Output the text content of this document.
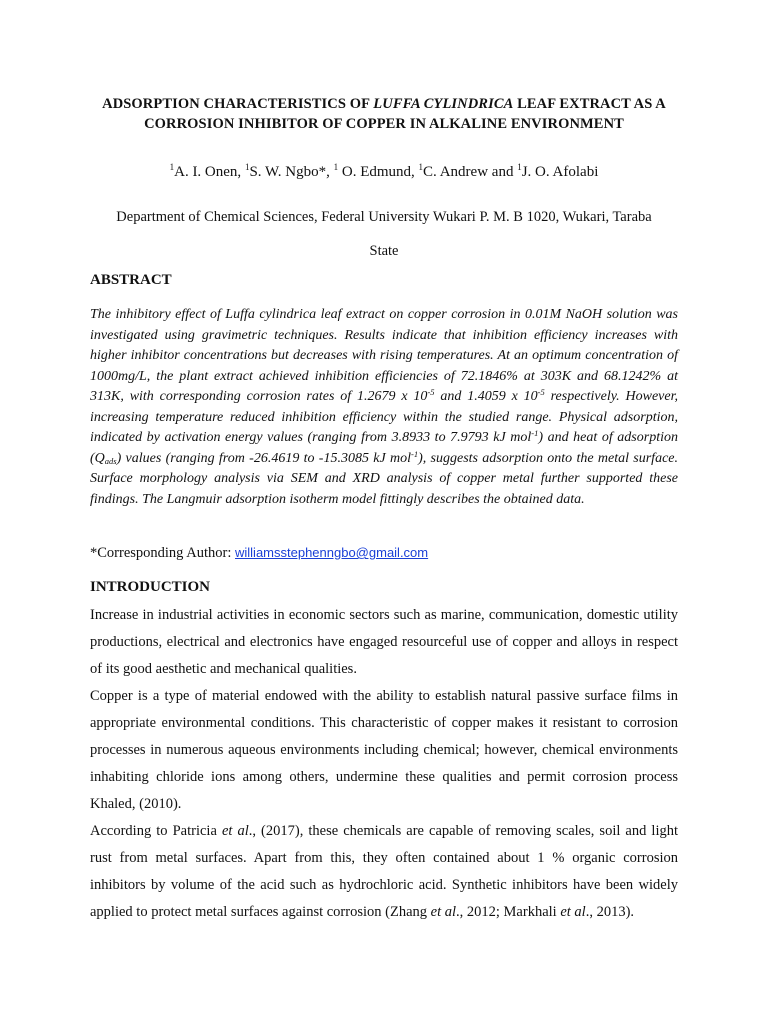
ADSORPTION CHARACTERISTICS OF LUFFA CYLINDRICA LEAF EXTRACT AS A
CORROSION INHIBITOR OF COPPER IN ALKALINE ENVIRONMENT
$^1$A. I. Onen, $^1$S. W. Ngbo*, $^1$ O. Edmund, $^1$C. Andrew and $^1$J. O. Afolabi
Department of Chemical Sciences, Federal University Wukari P. M. B 1020, Wukari, Taraba
State
ABSTRACT
The inhibitory effect of Luffa cylindrica leaf extract on copper corrosion in 0.01M NaOH solution was investigated using gravimetric techniques. Results indicate that inhibition efficiency increases with higher inhibitor concentrations but decreases with rising temperatures. At an optimum concentration of 1000mg/L, the plant extract achieved inhibition efficiencies of 72.1846% at 303K and 68.1242% at 313K, with corresponding corrosion rates of 1.2679 x $10^{-5}$ and 1.4059 x $10^{-5}$ respectively. However, increasing temperature reduced inhibition efficiency within the studied range. Physical adsorption, indicated by activation energy values (ranging from 3.8933 to 7.9793 kJ mol$^{-1}$) and heat of adsorption $(Q_{ads})$ values (ranging from -26.4619 to -15.3085 kJ mol$^{-1}$), suggests adsorption onto the metal surface. Surface morphology analysis via SEM and XRD analysis of copper metal further supported these findings. The Langmuir adsorption isotherm model fittingly describes the obtained data.
*Corresponding Author: williamsstephenngbo@gmail.com
INTRODUCTION

Increase in industrial activities in economic sectors such as marine, communication, domestic utility productions, electrical and electronics have engaged resourceful use of copper and alloys in respect of its good aesthetic and mechanical qualities.

Copper is a type of material endowed with the ability to establish natural passive surface films in appropriate environmental conditions. This characteristic of copper makes it resistant to corrosion processes in numerous aqueous environments including chemical; however, chemical environments inhabiting chloride ions among others, undermine these qualities and permit corrosion process Khaled, (2010).

According to Patricia et al., (2017), these chemicals are capable of removing scales, soil and light rust from metal surfaces. Apart from this, they often contained about 1 % organic corrosion inhibitors by volume of the acid such as hydrochloric acid. Synthetic inhibitors have been widely applied to protect metal surfaces against corrosion (Zhang et al., 2012; Markhali et al., 2013).
